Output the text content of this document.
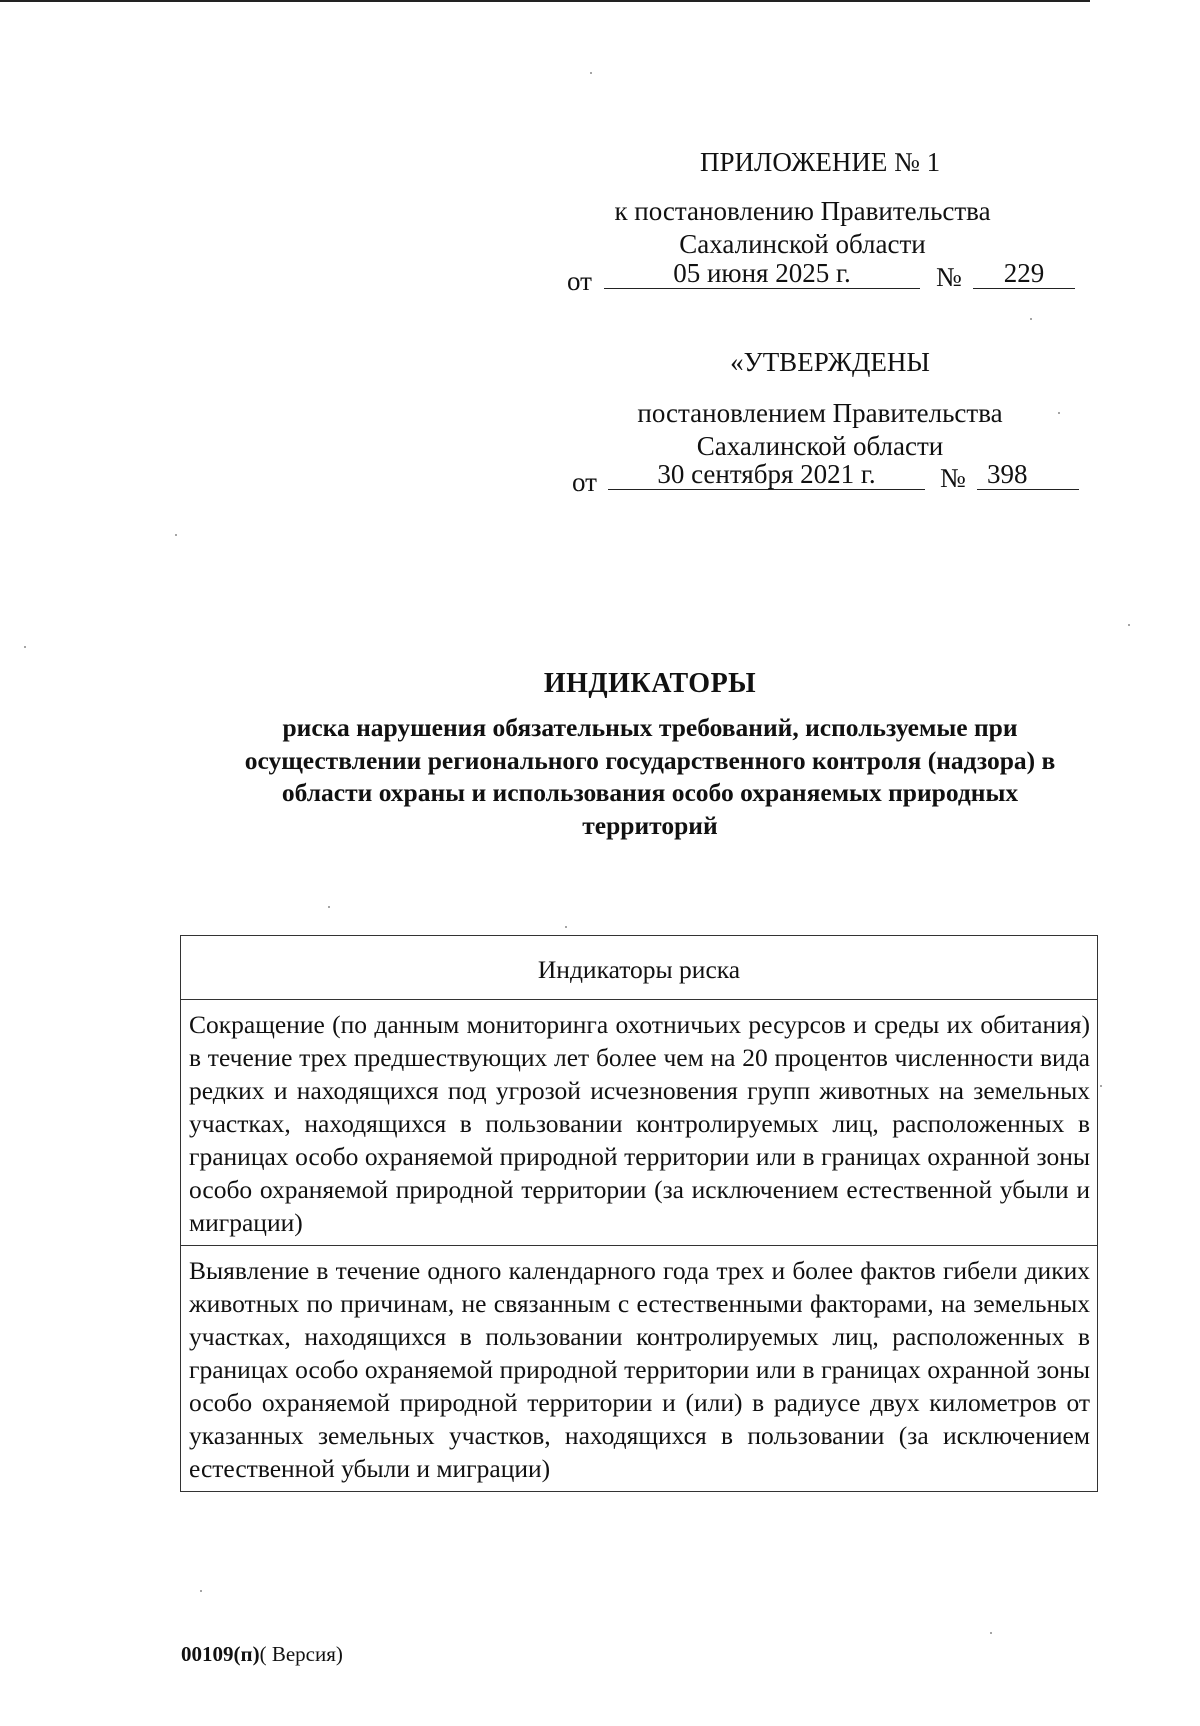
ПРИЛОЖЕНИЕ № 1
к постановлению Правительства
Сахалинской области
от	05 июня 2025 г.	№	229
«УТВЕРЖДЕНЫ
постановлением Правительства
Сахалинской области
от	30 сентября 2021 г.	№ 398
ИНДИКАТОРЫ
риска нарушения обязательных требований, используемые при
осуществлении регионального государственного контроля (надзора) в
области охраны и использования особо охраняемых природных
территорий
Индикаторы риска
Сокращение (по данным мониторинга охотничьих ресурсов и среды их обитания) в течение трех предшествующих лет более чем на 20 процентов численности вида редких и находящихся под угрозой исчезновения групп животных на земельных участках, находящихся в пользовании контролируемых лиц, расположенных в границах особо охраняемой природной территории или в границах охранной зоны особо охраняемой природной территории (за исключением естественной убыли и миграции)
Выявление в течение одного календарного года трех и более фактов гибели диких животных по причинам, не связанным с естественными факторами, на земельных участках, находящихся в пользовании контролируемых лиц, расположенных в границах особо охраняемой природной территории или в границах охранной зоны особо охраняемой природной территории и (или) в радиусе двух километров от указанных земельных участков, находящихся в пользовании (за исключением естественной убыли и миграции)
00109(п)( Версия)
